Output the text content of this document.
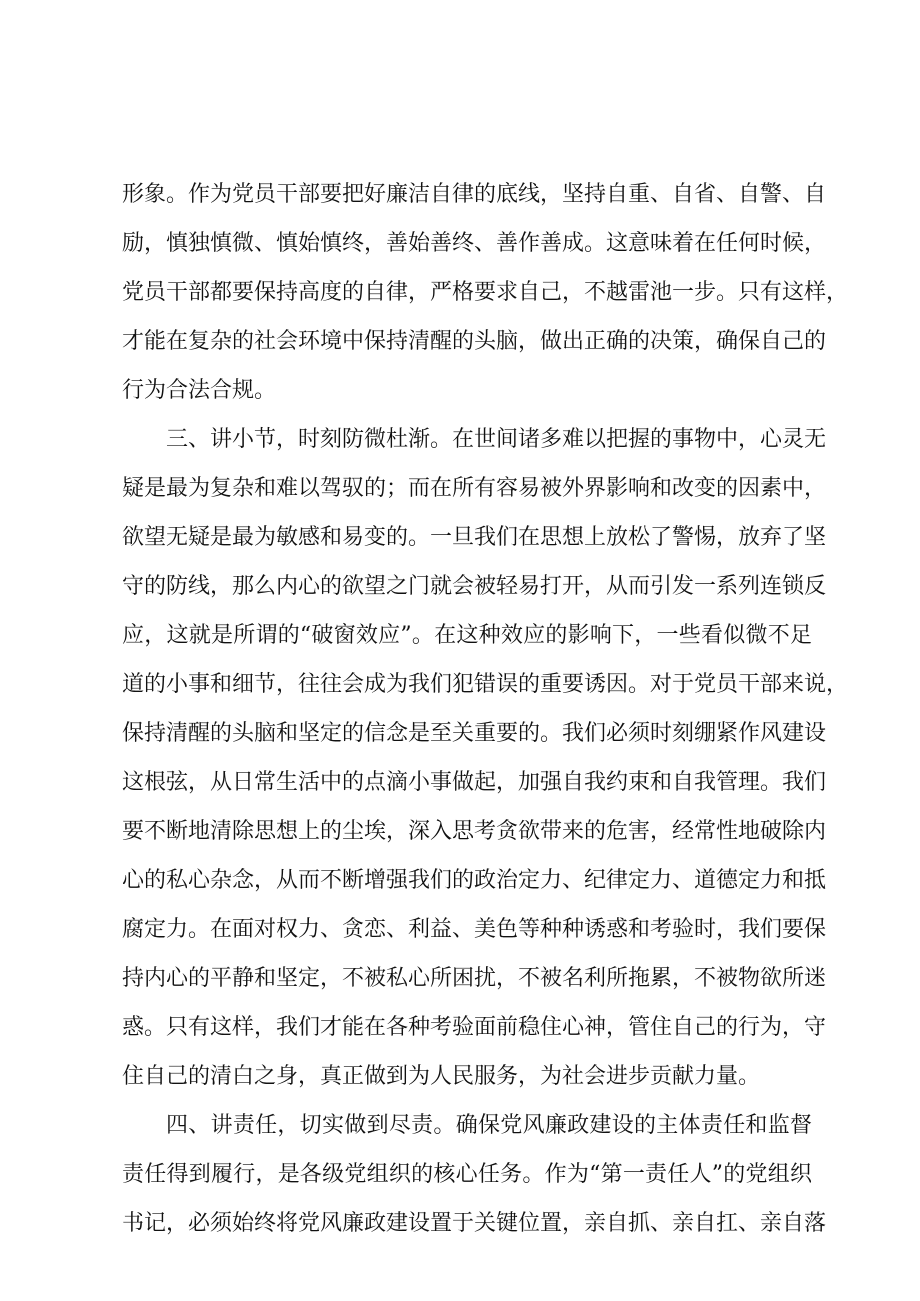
形象。作为党员干部要把好廉洁自律的底线，坚持自重、自省、自警、自
励，慎独慎微、慎始慎终，善始善终、善作善成。这意味着在任何时候，
党员干部都要保持高度的自律，严格要求自己，不越雷池一步。只有这样，
才能在复杂的社会环境中保持清醒的头脑，做出正确的决策，确保自己的
行为合法合规。
三、讲小节，时刻防微杜渐。在世间诸多难以把握的事物中，心灵无
疑是最为复杂和难以驾驭的；而在所有容易被外界影响和改变的因素中，
欲望无疑是最为敏感和易变的。一旦我们在思想上放松了警惕，放弃了坚
守的防线，那么内心的欲望之门就会被轻易打开，从而引发一系列连锁反
应，这就是所谓的“破窗效应”。在这种效应的影响下，一些看似微不足
道的小事和细节，往往会成为我们犯错误的重要诱因。对于党员干部来说，
保持清醒的头脑和坚定的信念是至关重要的。我们必须时刻绷紧作风建设
这根弦，从日常生活中的点滴小事做起，加强自我约束和自我管理。我们
要不断地清除思想上的尘埃，深入思考贪欲带来的危害，经常性地破除内
心的私心杂念，从而不断增强我们的政治定力、纪律定力、道德定力和抵
腐定力。在面对权力、贪恋、利益、美色等种种诱惑和考验时，我们要保
持内心的平静和坚定，不被私心所困扰，不被名利所拖累，不被物欲所迷
惑。只有这样，我们才能在各种考验面前稳住心神，管住自己的行为，守
住自己的清白之身，真正做到为人民服务，为社会进步贡献力量。
四、讲责任，切实做到尽责。确保党风廉政建设的主体责任和监督
责任得到履行，是各级党组织的核心任务。作为“第一责任人”的党组织
书记，必须始终将党风廉政建设置于关键位置，亲自抓、亲自扛、亲自落
